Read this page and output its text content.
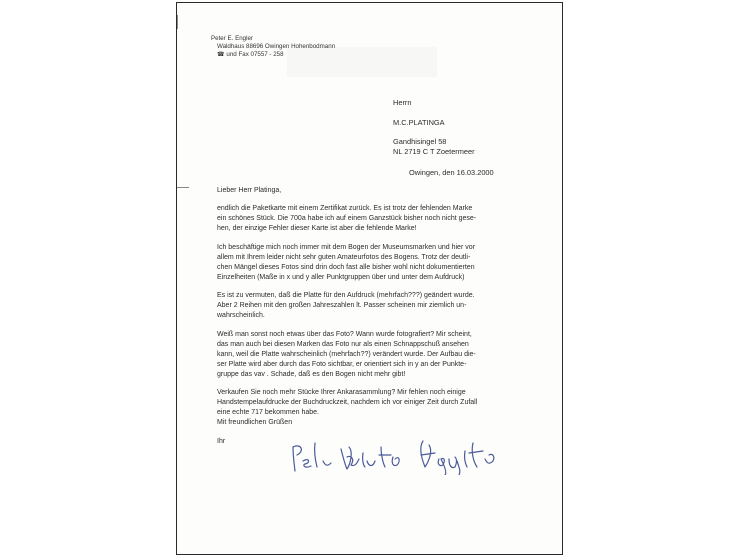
Peter E. Engler
Waldhaus 88696 Owingen Hohenbodmann
☎ und Fax 07557 - 258
Herrn
M.C.PLATINGA
Gandhisingel 58
NL 2719 C T Zoetermeer
Owingen, den 16.03.2000
Lieber Herr Platinga,
endlich die Paketkarte mit einem Zertifikat zurück. Es ist trotz der fehlenden Marke
ein schönes Stück. Die 700a habe ich auf einem Ganzstück bisher noch nicht gese-
hen, der einzige Fehler dieser Karte ist aber die fehlende Marke!
Ich beschäftige mich noch immer mit dem Bogen der Museumsmarken und hier vor
allem mit Ihrem leider nicht sehr guten Amateurfotos des Bogens. Trotz der deutli-
chen Mängel dieses Fotos sind drin doch fast alle bisher wohl nicht dokumentierten
Einzelheiten (Maße in x und y aller Punktgruppen über und unter dem Aufdruck)
Es ist zu vermuten, daß die Platte für den Aufdruck (mehrfach???) geändert wurde.
Aber 2 Reihen mit den großen Jahreszahlen lt. Passer scheinen mir ziemlich un-
wahrscheinlich.
Weiß man sonst noch etwas über das Foto? Wann wurde fotografiert? Mir scheint,
das man auch bei diesen Marken das Foto nur als einen Schnappschuß ansehen
kann, weil die Platte wahrscheinlich (mehrfach??) verändert wurde. Der Aufbau die-
ser Platte wird aber durch das Foto sichtbar, er orientiert sich in y an der Punkte-
gruppe das vav . Schade, daß es den Bogen nicht mehr gibt!
Verkaufen Sie noch mehr Stücke Ihrer Ankarasammlung? Mir fehlen noch einige
Handstempelaufdrucke der Buchdruckzeit, nachdem ich vor einiger Zeit durch Zufall
eine echte 717 bekommen habe.
Mit freundlichen Grüßen
Ihr
